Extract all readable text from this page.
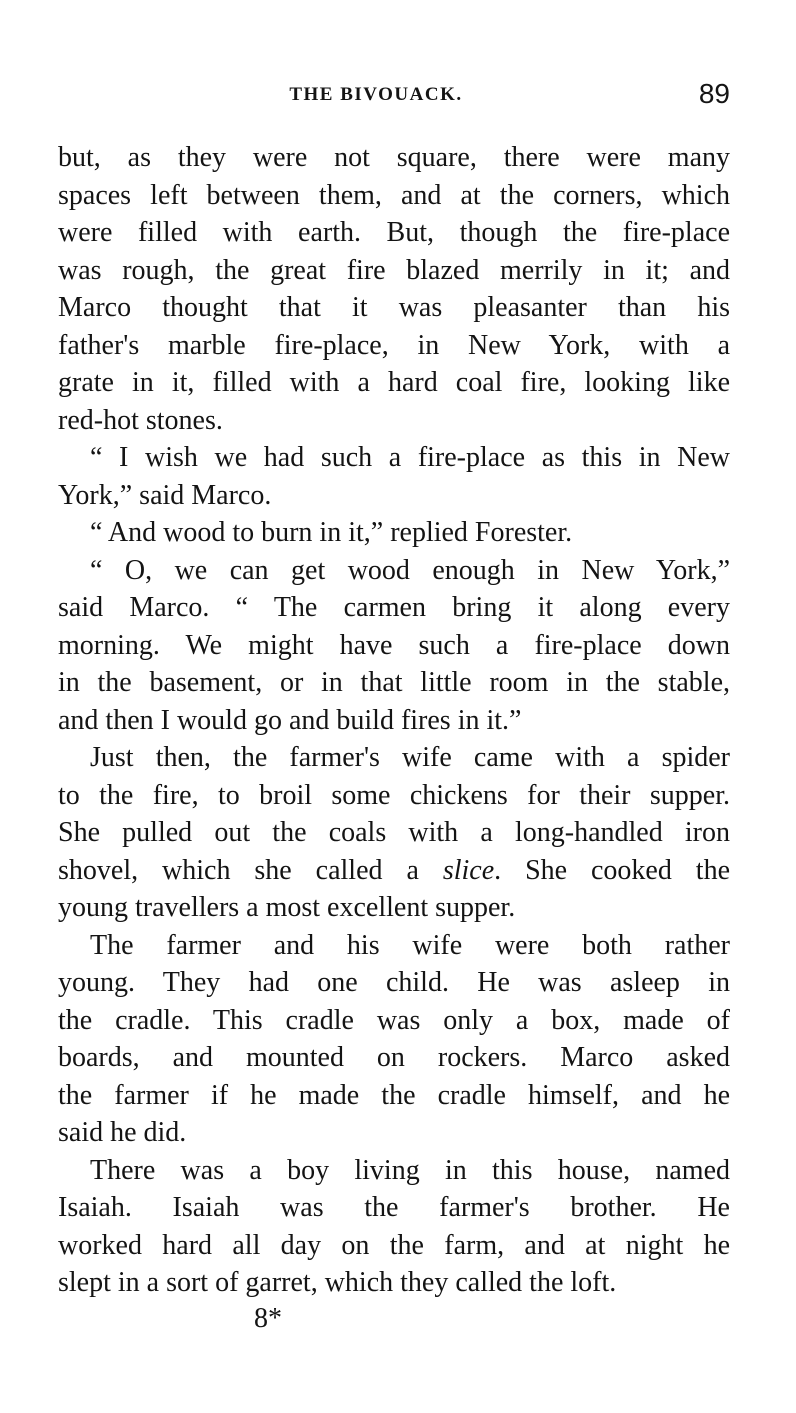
THE BIVOUACK.	89
but, as they were not square, there were many
spaces left between them, and at the corners, which
were filled with earth. But, though the fire-place
was rough, the great fire blazed merrily in it; and
Marco thought that it was pleasanter than his
father's marble fire-place, in New York, with a
grate in it, filled with a hard coal fire, looking like
red-hot stones.
“ I wish we had such a fire-place as this in New
York,” said Marco.
“ And wood to burn in it,” replied Forester.
“ O, we can get wood enough in New York,”
said Marco. “ The carmen bring it along every
morning. We might have such a fire-place down
in the basement, or in that little room in the stable,
and then I would go and build fires in it.”
Just then, the farmer's wife came with a spider
to the fire, to broil some chickens for their supper.
She pulled out the coals with a long-handled iron
shovel, which she called a slice. She cooked the
young travellers a most excellent supper.
The farmer and his wife were both rather
young. They had one child. He was asleep in
the cradle. This cradle was only a box, made of
boards, and mounted on rockers. Marco asked
the farmer if he made the cradle himself, and he
said he did.
There was a boy living in this house, named
Isaiah. Isaiah was the farmer's brother. He
worked hard all day on the farm, and at night he
slept in a sort of garret, which they called the loft.
8*
